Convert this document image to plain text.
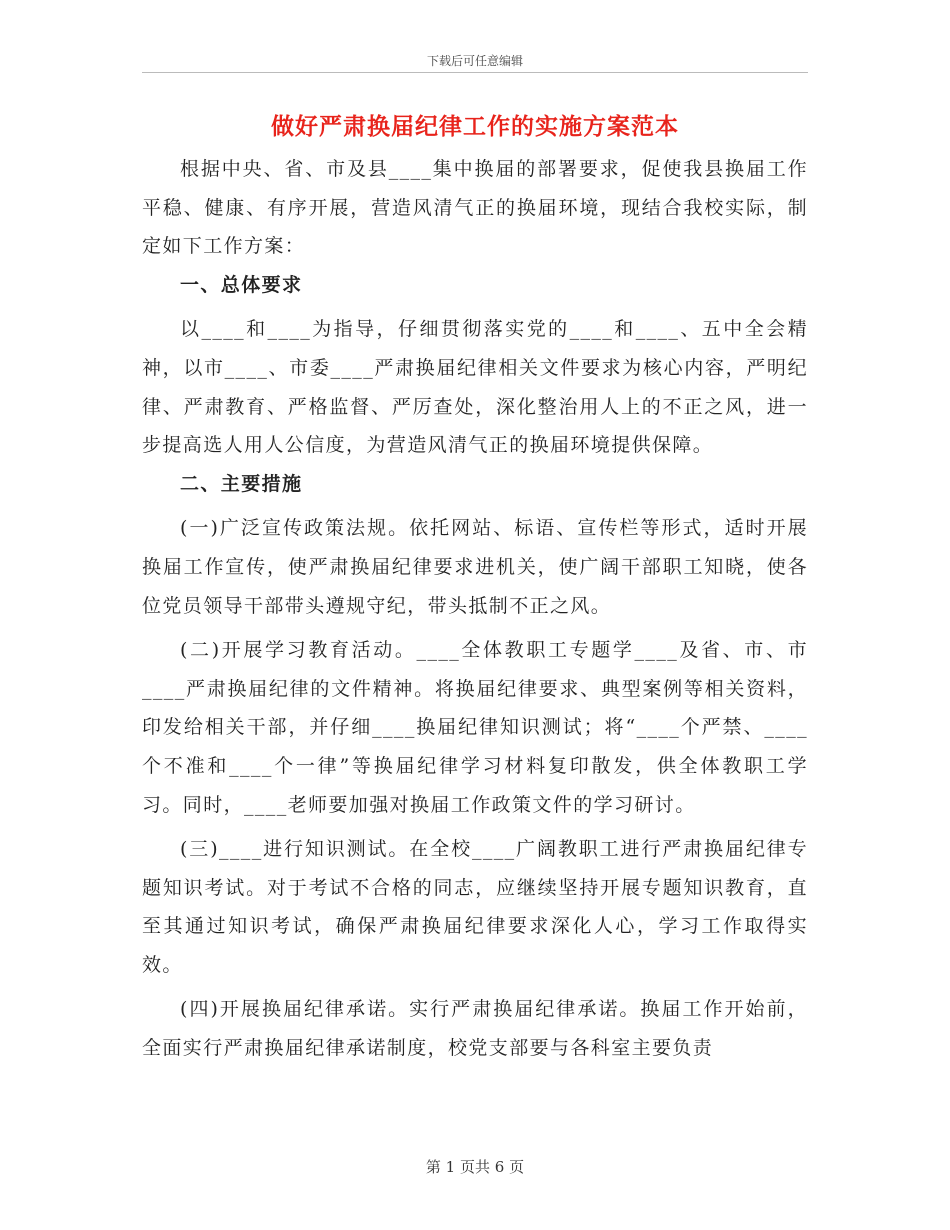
下载后可任意编辑
做好严肃换届纪律工作的实施方案范本

根据中央、省、市及县____集中换届的部署要求，促使我县换届工作平稳、健康、有序开展，营造风清气正的换届环境，现结合我校实际，制定如下工作方案：

一、总体要求

以____和____为指导，仔细贯彻落实党的____和____、五中全会精神，以市____、市委____严肃换届纪律相关文件要求为核心内容，严明纪律、严肃教育、严格监督、严厉查处，深化整治用人上的不正之风，进一步提高选人用人公信度，为营造风清气正的换届环境提供保障。

二、主要措施

(一)广泛宣传政策法规。依托网站、标语、宣传栏等形式，适时开展换届工作宣传，使严肃换届纪律要求进机关，使广阔干部职工知晓，使各位党员领导干部带头遵规守纪，带头抵制不正之风。

(二)开展学习教育活动。____全体教职工专题学____及省、市、市____严肃换届纪律的文件精神。将换届纪律要求、典型案例等相关资料，印发给相关干部，并仔细____换届纪律知识测试；将“____个严禁、____个不准和____个一律”等换届纪律学习材料复印散发，供全体教职工学习。同时，____老师要加强对换届工作政策文件的学习研讨。

(三)____进行知识测试。在全校____广阔教职工进行严肃换届纪律专题知识考试。对于考试不合格的同志，应继续坚持开展专题知识教育，直至其通过知识考试，确保严肃换届纪律要求深化人心，学习工作取得实效。

(四)开展换届纪律承诺。实行严肃换届纪律承诺。换届工作开始前，全面实行严肃换届纪律承诺制度，校党支部要与各科室主要负责

第 1 页共 6 页
